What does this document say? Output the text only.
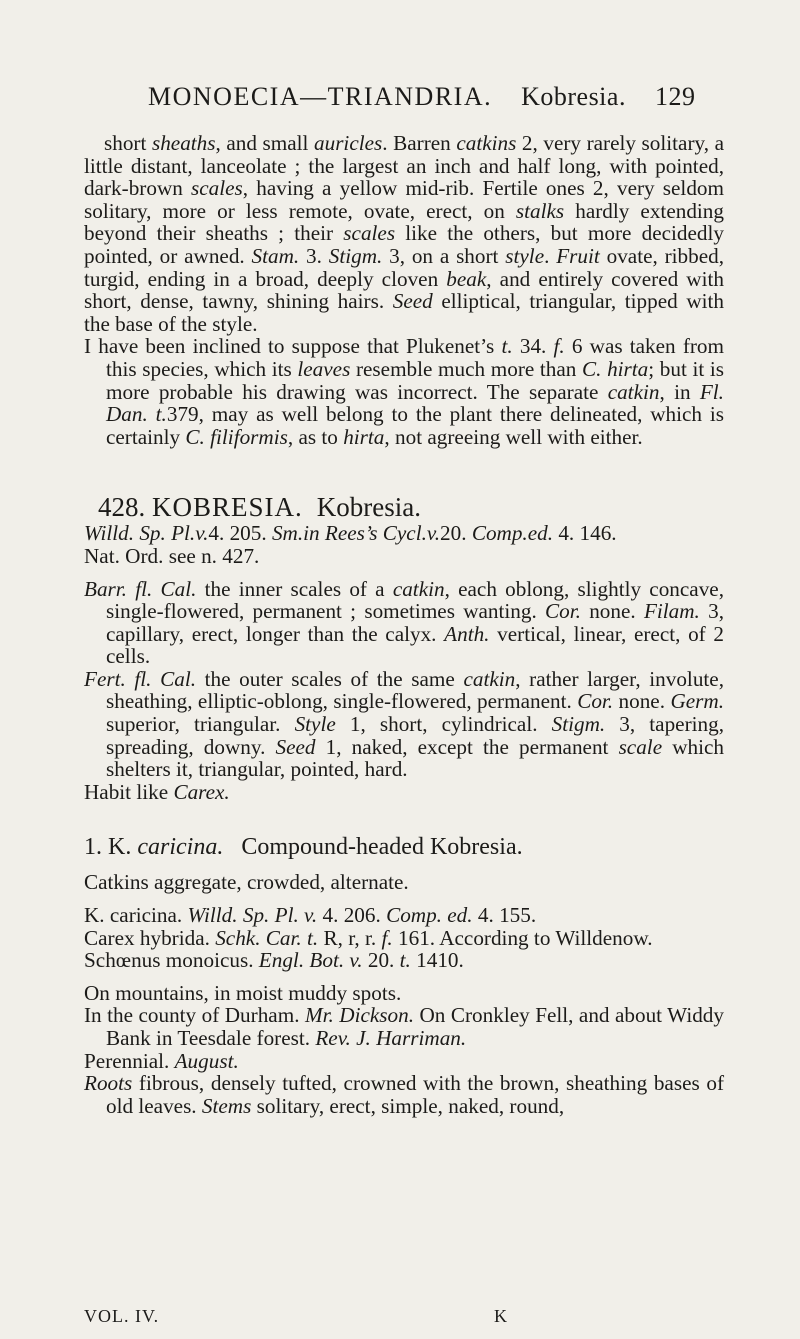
MONOECIA—TRIANDRIA. Kobresia. 129

short sheaths, and small auricles. Barren catkins 2, very rarely solitary, a little distant, lanceolate ; the largest an inch and half long, with pointed, dark-brown scales, having a yellow mid-rib. Fertile ones 2, very seldom solitary, more or less remote, ovate, erect, on stalks hardly extending beyond their sheaths ; their scales like the others, but more decidedly pointed, or awned. Stam. 3. Stigm. 3, on a short style. Fruit ovate, ribbed, turgid, ending in a broad, deeply cloven beak, and entirely covered with short, dense, tawny, shining hairs. Seed elliptical, triangular, tipped with the base of the style.

I have been inclined to suppose that Plukenet’s t. 34. f. 6 was taken from this species, which its leaves resemble much more than C. hirta; but it is more probable his drawing was incorrect. The separate catkin, in Fl. Dan. t.379, may as well belong to the plant there delineated, which is certainly C. filiformis, as to hirta, not agreeing well with either.

428. KOBRESIA. Kobresia.

Willd. Sp. Pl.v.4. 205. Sm.in Rees’s Cycl.v.20. Comp.ed. 4. 146.

Nat. Ord. see n. 427.

Barr. fl. Cal. the inner scales of a catkin, each oblong, slightly concave, single-flowered, permanent ; sometimes wanting. Cor. none. Filam. 3, capillary, erect, longer than the calyx. Anth. vertical, linear, erect, of 2 cells.

Fert. fl. Cal. the outer scales of the same catkin, rather larger, involute, sheathing, elliptic-oblong, single-flowered, permanent. Cor. none. Germ. superior, triangular. Style 1, short, cylindrical. Stigm. 3, tapering, spreading, downy. Seed 1, naked, except the permanent scale which shelters it, triangular, pointed, hard.

Habit like Carex.

1. K. caricina. Compound-headed Kobresia.

Catkins aggregate, crowded, alternate.

K. caricina. Willd. Sp. Pl. v. 4. 206. Comp. ed. 4. 155.

Carex hybrida. Schk. Car. t. R, r, r. f. 161. According to Willdenow.

Schœnus monoicus. Engl. Bot. v. 20. t. 1410.

On mountains, in moist muddy spots.

In the county of Durham. Mr. Dickson. On Cronkley Fell, and about Widdy Bank in Teesdale forest. Rev. J. Harriman.

Perennial. August.

Roots fibrous, densely tufted, crowned with the brown, sheathing bases of old leaves. Stems solitary, erect, simple, naked, round,

VOL. IV.	K
